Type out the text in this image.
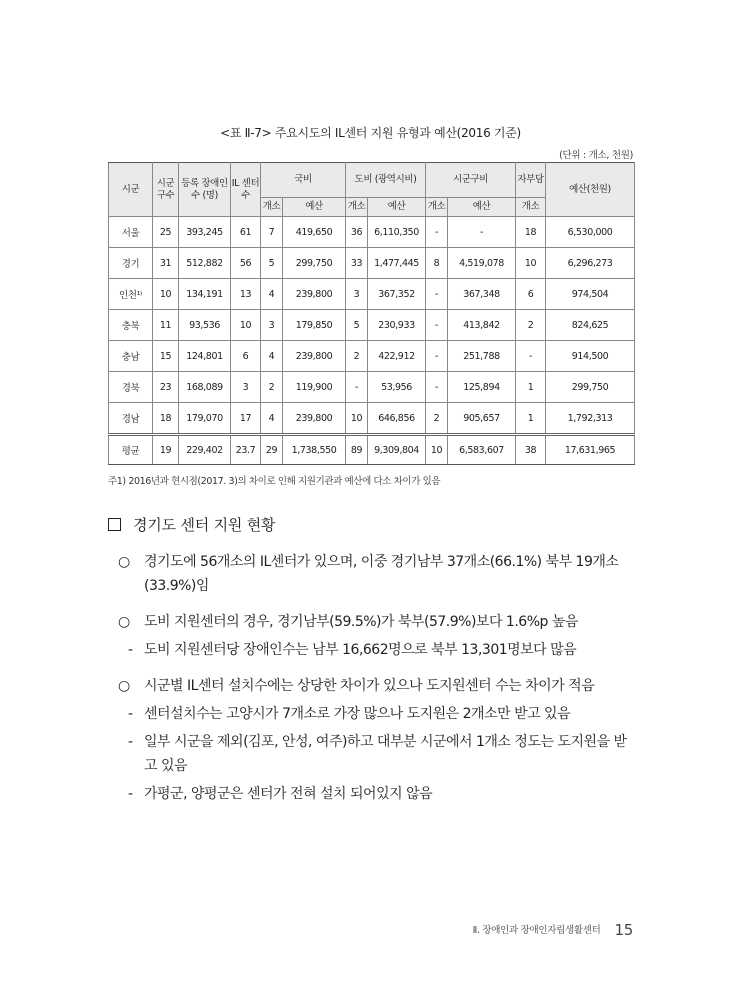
<표 Ⅱ-7> 주요시도의 IL센터 지원 유형과 예산(2016 기준)
(단위 : 개소, 천원)
시군	시군구수	등록 장애인수 (명)	IL 센터수	국비		도비 (광역시비)		시군구비		자부담	예산(천원)
				개소	예산	개소	예산	개소	예산	개소	
서울	25	393,245	61	7	419,650	36	6,110,350	-	-	18	6,530,000
경기	31	512,882	56	5	299,750	33	1,477,445	8	4,519,078	10	6,296,273
인천¹⁾	10	134,191	13	4	239,800	3	367,352	-	367,348	6	974,504
충북	11	93,536	10	3	179,850	5	230,933	-	413,842	2	824,625
충남	15	124,801	6	4	239,800	2	422,912	-	251,788	-	914,500
경북	23	168,089	3	2	119,900	-	53,956	-	125,894	1	299,750
경남	18	179,070	17	4	239,800	10	646,856	2	905,657	1	1,792,313
평균	19	229,402	23.7	29	1,738,550	89	9,309,804	10	6,583,607	38	17,631,965
주1) 2016년과 현시점(2017. 3)의 차이로 인해 지원기관과 예산에 다소 차이가 있음
경기도 센터 지원 현황

○ 경기도에 56개소의 IL센터가 있으며, 이중 경기남부 37개소(66.1%) 북부 19개소 (33.9%)임

○ 도비 지원센터의 경우, 경기남부(59.5%)가 북부(57.9%)보다 1.6%p 높음

- 도비 지원센터당 장애인수는 남부 16,662명으로 북부 13,301명보다 많음

○ 시군별 IL센터 설치수에는 상당한 차이가 있으나 도지원센터 수는 차이가 적음

- 센터설치수는 고양시가 7개소로 가장 많으나 도지원은 2개소만 받고 있음

- 일부 시군을 제외(김포, 안성, 여주)하고 대부분 시군에서 1개소 정도는 도지원을 받고 있음

- 가평군, 양평군은 센터가 전혀 설치 되어있지 않음

Ⅱ. 장애인과 장애인자립생활센터 15
